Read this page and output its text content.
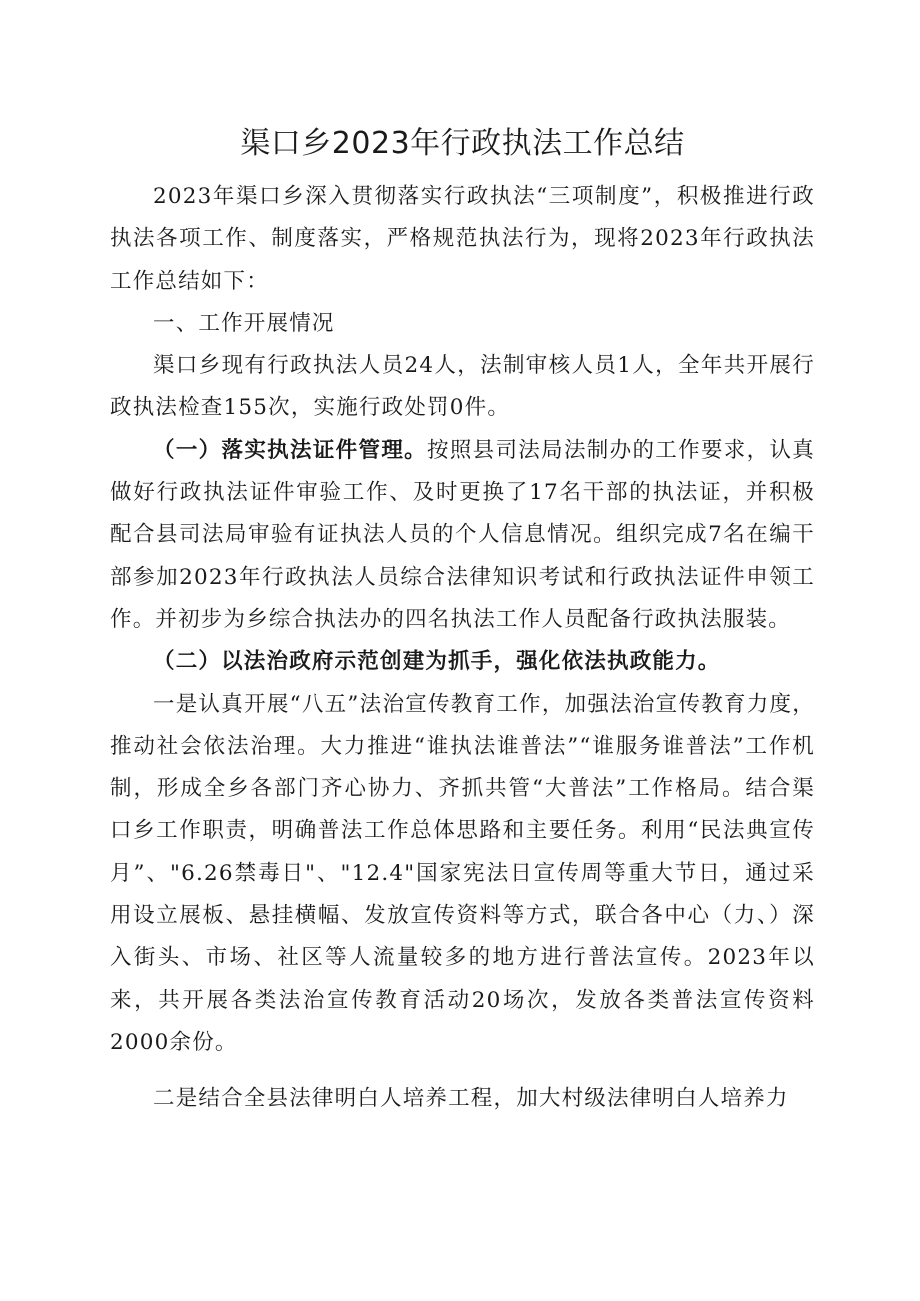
渠口乡2023年行政执法工作总结

2023年渠口乡深入贯彻落实行政执法“三项制度”，积极推进行政执法各项工作、制度落实，严格规范执法行为，现将2023年行政执法工作总结如下：

一、工作开展情况

渠口乡现有行政执法人员24人，法制审核人员1人，全年共开展行政执法检查155次，实施行政处罚0件。

（一）落实执法证件管理。按照县司法局法制办的工作要求，认真做好行政执法证件审验工作、及时更换了17名干部的执法证，并积极配合县司法局审验有证执法人员的个人信息情况。组织完成7名在编干部参加2023年行政执法人员综合法律知识考试和行政执法证件申领工作。并初步为乡综合执法办的四名执法工作人员配备行政执法服装。

（二）以法治政府示范创建为抓手，强化依法执政能力。

一是认真开展“八五”法治宣传教育工作，加强法治宣传教育力度，推动社会依法治理。大力推进“谁执法谁普法”“谁服务谁普法”工作机制，形成全乡各部门齐心协力、齐抓共管“大普法”工作格局。结合渠口乡工作职责，明确普法工作总体思路和主要任务。利用“民法典宣传月”、"6.26禁毒日"、"12.4"国家宪法日宣传周等重大节日，通过采用设立展板、悬挂横幅、发放宣传资料等方式，联合各中心（力、）深入街头、市场、社区等人流量较多的地方进行普法宣传。2023年以来，共开展各类法治宣传教育活动20场次，发放各类普法宣传资料2000余份。

二是结合全县法律明白人培养工程，加大村级法律明白人培养力
